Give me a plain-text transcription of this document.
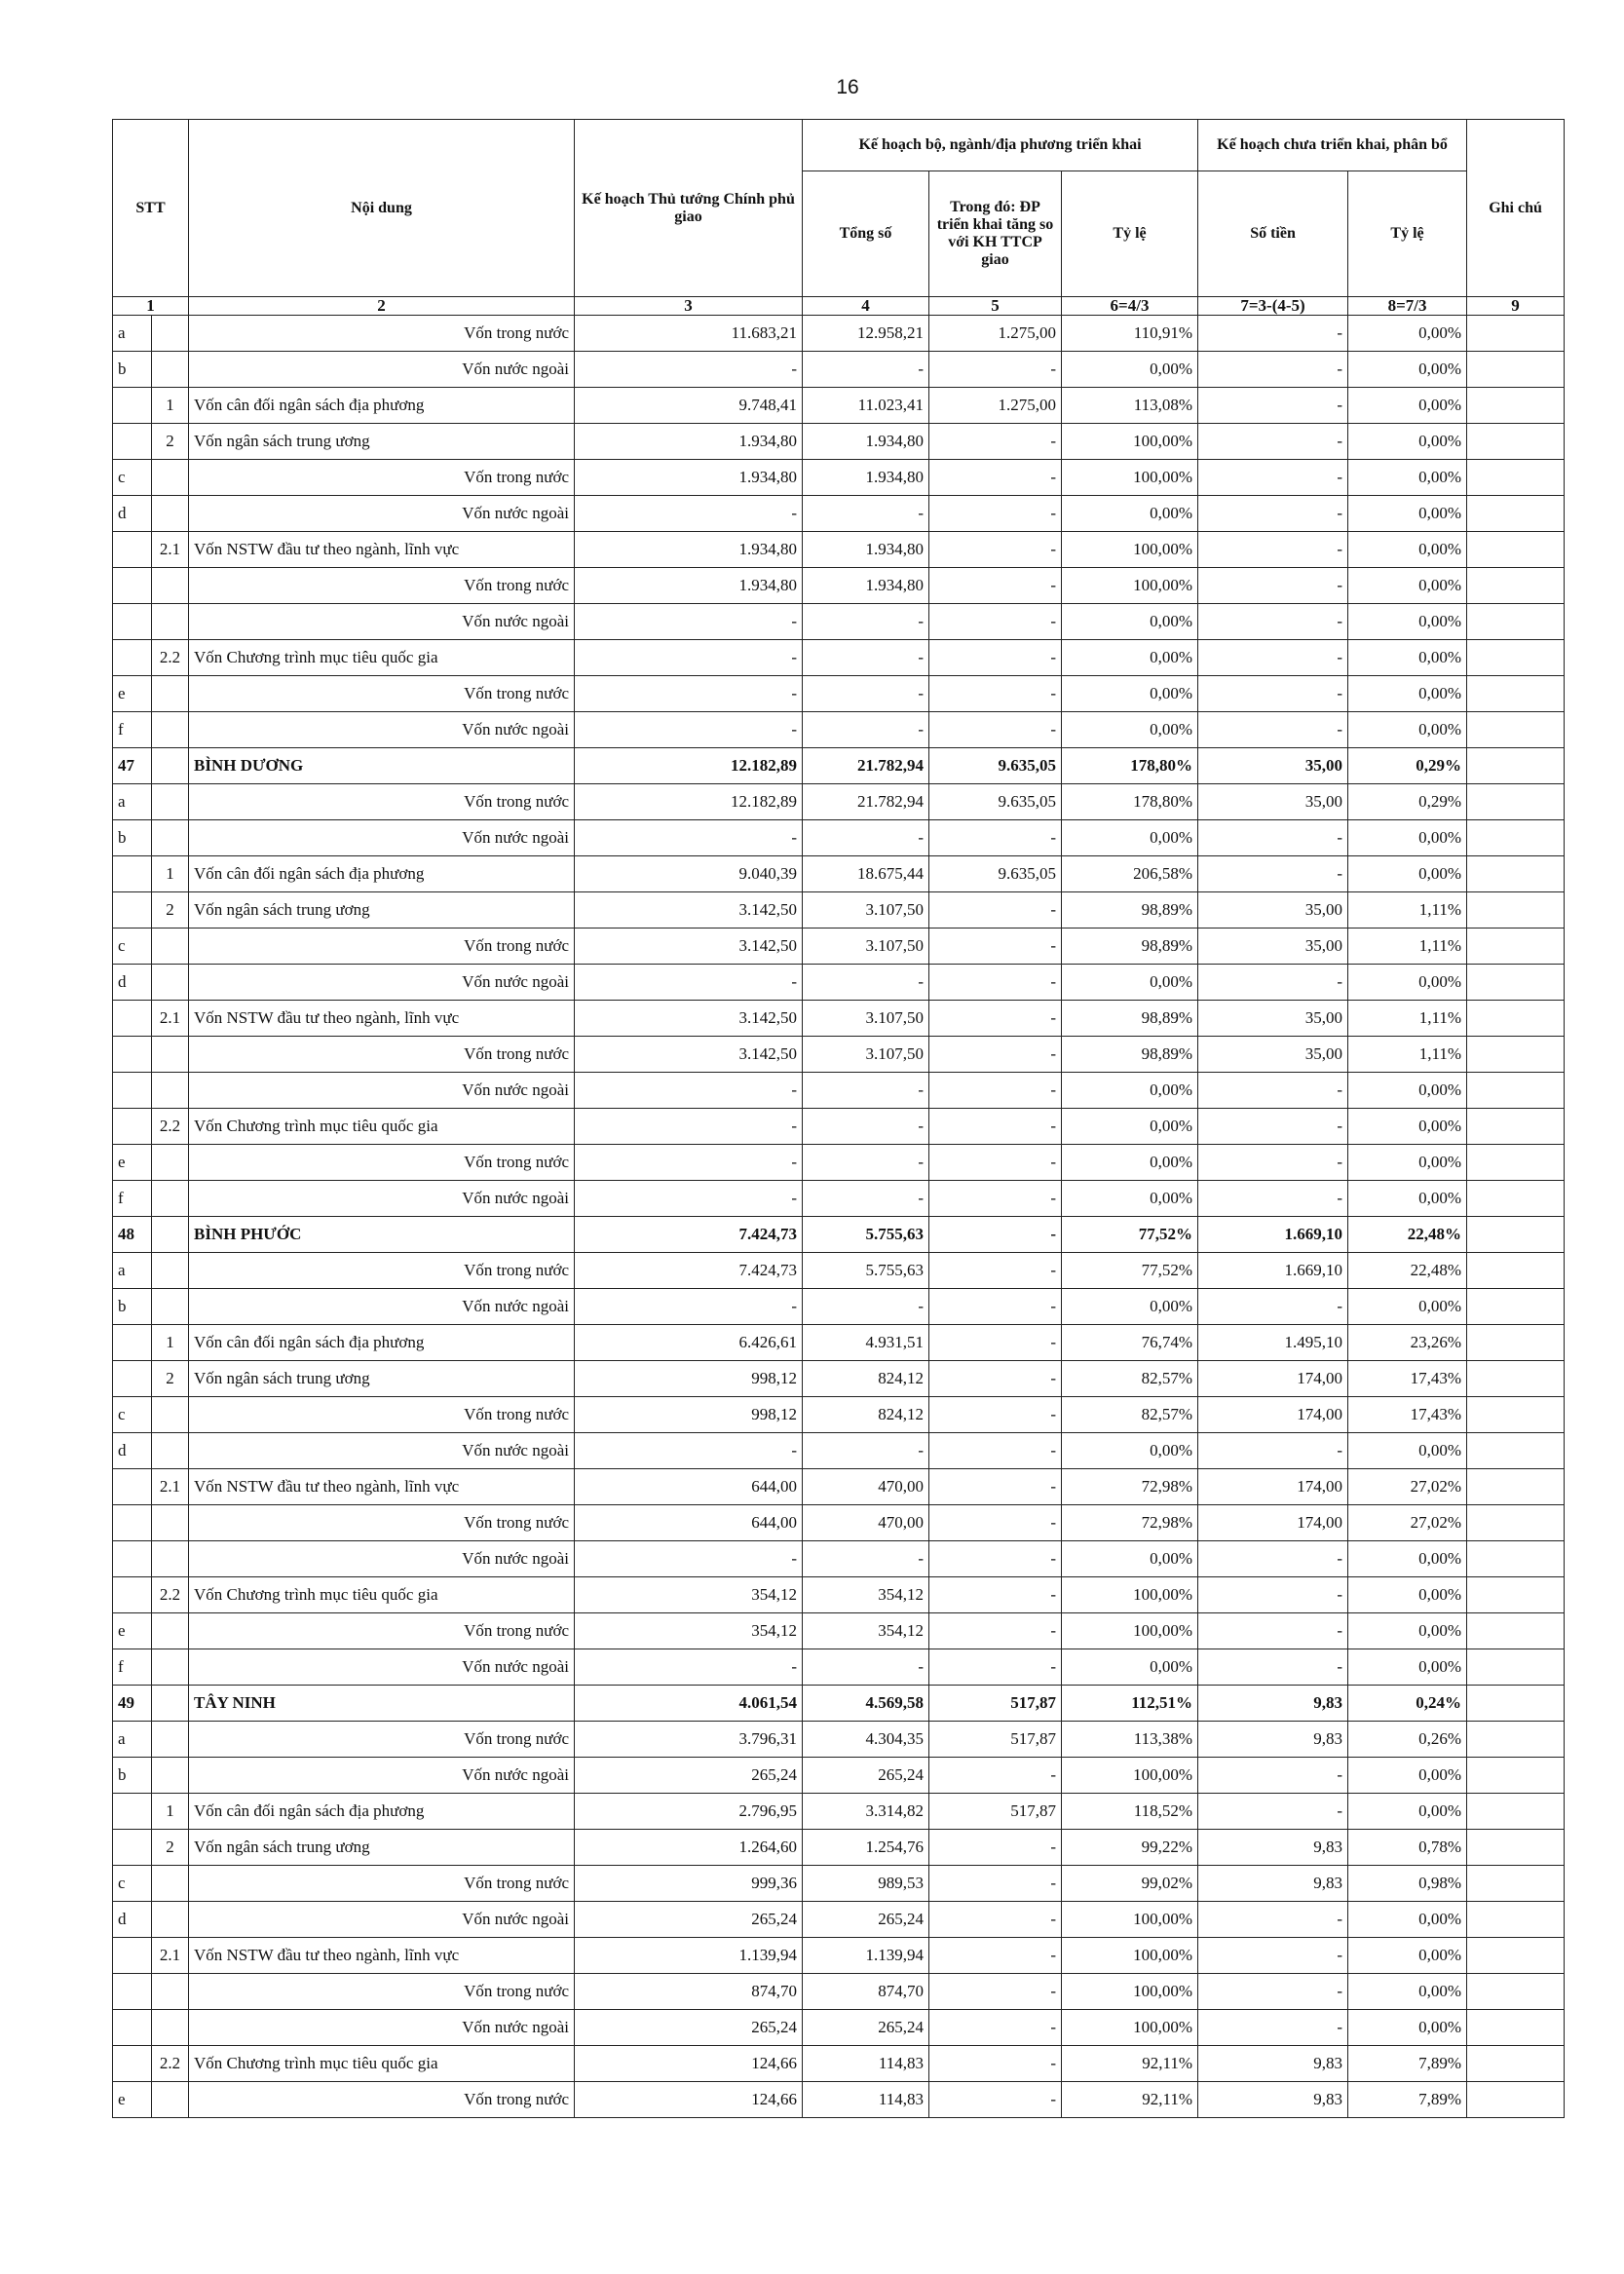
16
STT		Nội dung	Kế hoạch Thủ tướng Chính phủ giao	Kế hoạch bộ, ngành/địa phương triển khai			Kế hoạch chưa triển khai, phân bổ		Ghi chú
				Tổng số	Trong đó: ĐP triển khai tăng so với KH TTCP giao	Tỷ lệ	Số tiền	Tỷ lệ	
1		2	3	4	5	6=4/3	7=3-(4-5)	8=7/3	9
a		Vốn trong nước	11.683,21	12.958,21	1.275,00	110,91%	-	0,00%	
b		Vốn nước ngoài	-	-	-	0,00%	-	0,00%	
	1	Vốn cân đối ngân sách địa phương	9.748,41	11.023,41	1.275,00	113,08%	-	0,00%	
	2	Vốn ngân sách trung ương	1.934,80	1.934,80	-	100,00%	-	0,00%	
c		Vốn trong nước	1.934,80	1.934,80	-	100,00%	-	0,00%	
d		Vốn nước ngoài	-	-	-	0,00%	-	0,00%	
	2.1	Vốn NSTW đầu tư theo ngành, lĩnh vực	1.934,80	1.934,80	-	100,00%	-	0,00%	
		Vốn trong nước	1.934,80	1.934,80	-	100,00%	-	0,00%	
		Vốn nước ngoài	-	-	-	0,00%	-	0,00%	
	2.2	Vốn Chương trình mục tiêu quốc gia	-	-	-	0,00%	-	0,00%	
e		Vốn trong nước	-	-	-	0,00%	-	0,00%	
f		Vốn nước ngoài	-	-	-	0,00%	-	0,00%	
47		BÌNH DƯƠNG	12.182,89	21.782,94	9.635,05	178,80%	35,00	0,29%	
a		Vốn trong nước	12.182,89	21.782,94	9.635,05	178,80%	35,00	0,29%	
b		Vốn nước ngoài	-	-	-	0,00%	-	0,00%	
	1	Vốn cân đối ngân sách địa phương	9.040,39	18.675,44	9.635,05	206,58%	-	0,00%	
	2	Vốn ngân sách trung ương	3.142,50	3.107,50	-	98,89%	35,00	1,11%	
c		Vốn trong nước	3.142,50	3.107,50	-	98,89%	35,00	1,11%	
d		Vốn nước ngoài	-	-	-	0,00%	-	0,00%	
	2.1	Vốn NSTW đầu tư theo ngành, lĩnh vực	3.142,50	3.107,50	-	98,89%	35,00	1,11%	
		Vốn trong nước	3.142,50	3.107,50	-	98,89%	35,00	1,11%	
		Vốn nước ngoài	-	-	-	0,00%	-	0,00%	
	2.2	Vốn Chương trình mục tiêu quốc gia	-	-	-	0,00%	-	0,00%	
e		Vốn trong nước	-	-	-	0,00%	-	0,00%	
f		Vốn nước ngoài	-	-	-	0,00%	-	0,00%	
48		BÌNH PHƯỚC	7.424,73	5.755,63	-	77,52%	1.669,10	22,48%	
a		Vốn trong nước	7.424,73	5.755,63	-	77,52%	1.669,10	22,48%	
b		Vốn nước ngoài	-	-	-	0,00%	-	0,00%	
	1	Vốn cân đối ngân sách địa phương	6.426,61	4.931,51	-	76,74%	1.495,10	23,26%	
	2	Vốn ngân sách trung ương	998,12	824,12	-	82,57%	174,00	17,43%	
c		Vốn trong nước	998,12	824,12	-	82,57%	174,00	17,43%	
d		Vốn nước ngoài	-	-	-	0,00%	-	0,00%	
	2.1	Vốn NSTW đầu tư theo ngành, lĩnh vực	644,00	470,00	-	72,98%	174,00	27,02%	
		Vốn trong nước	644,00	470,00	-	72,98%	174,00	27,02%	
		Vốn nước ngoài	-	-	-	0,00%	-	0,00%	
	2.2	Vốn Chương trình mục tiêu quốc gia	354,12	354,12	-	100,00%	-	0,00%	
e		Vốn trong nước	354,12	354,12	-	100,00%	-	0,00%	
f		Vốn nước ngoài	-	-	-	0,00%	-	0,00%	
49		TÂY NINH	4.061,54	4.569,58	517,87	112,51%	9,83	0,24%	
a		Vốn trong nước	3.796,31	4.304,35	517,87	113,38%	9,83	0,26%	
b		Vốn nước ngoài	265,24	265,24	-	100,00%	-	0,00%	
	1	Vốn cân đối ngân sách địa phương	2.796,95	3.314,82	517,87	118,52%	-	0,00%	
	2	Vốn ngân sách trung ương	1.264,60	1.254,76	-	99,22%	9,83	0,78%	
c		Vốn trong nước	999,36	989,53	-	99,02%	9,83	0,98%	
d		Vốn nước ngoài	265,24	265,24	-	100,00%	-	0,00%	
	2.1	Vốn NSTW đầu tư theo ngành, lĩnh vực	1.139,94	1.139,94	-	100,00%	-	0,00%	
		Vốn trong nước	874,70	874,70	-	100,00%	-	0,00%	
		Vốn nước ngoài	265,24	265,24	-	100,00%	-	0,00%	
	2.2	Vốn Chương trình mục tiêu quốc gia	124,66	114,83	-	92,11%	9,83	7,89%	
e		Vốn trong nước	124,66	114,83	-	92,11%	9,83	7,89%	
